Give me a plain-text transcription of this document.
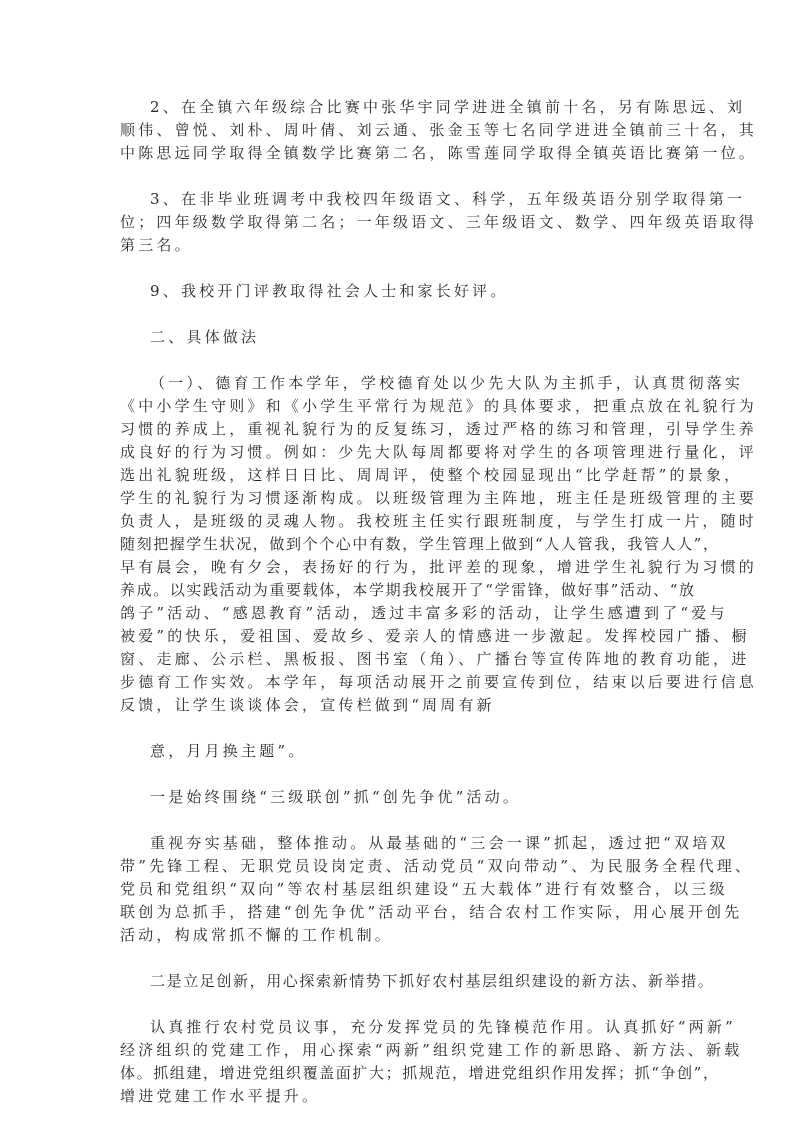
2、在全镇六年级综合比赛中张华宇同学进进全镇前十名，另有陈思远、刘
顺伟、曾悦、刘朴、周叶倩、刘云通、张金玉等七名同学进进全镇前三十名，其
中陈思远同学取得全镇数学比赛第二名，陈雪莲同学取得全镇英语比赛第一位。
3、在非毕业班调考中我校四年级语文、科学，五年级英语分别学取得第一
位；四年级数学取得第二名；一年级语文、三年级语文、数学、四年级英语取得
第三名。
9、我校开门评教取得社会人士和家长好评。
二、具体做法
（一）、德育工作本学年，学校德育处以少先大队为主抓手，认真贯彻落实
《中小学生守则》和《小学生平常行为规范》的具体要求，把重点放在礼貌行为
习惯的养成上，重视礼貌行为的反复练习，透过严格的练习和管理，引导学生养
成良好的行为习惯。例如：少先大队每周都要将对学生的各项管理进行量化，评
选出礼貌班级，这样日日比、周周评，使整个校园显现出“比学赶帮”的景象，
学生的礼貌行为习惯逐渐构成。以班级管理为主阵地，班主任是班级管理的主要
负责人，是班级的灵魂人物。我校班主任实行跟班制度，与学生打成一片，随时
随刻把握学生状况，做到个个心中有数，学生管理上做到“人人管我，我管人人”，
早有晨会，晚有夕会，表扬好的行为，批评差的现象，增进学生礼貌行为习惯的
养成。以实践活动为重要载体，本学期我校展开了“学雷锋，做好事”活动、“放
鸽子”活动、“感恩教育”活动，透过丰富多彩的活动，让学生感遭到了“爱与
被爱”的快乐，爱祖国、爱故乡、爱亲人的情感进一步激起。发挥校园广播、橱
窗、走廊、公示栏、黑板报、图书室（角）、广播台等宣传阵地的教育功能，进
步德育工作实效。本学年，每项活动展开之前要宣传到位，结束以后要进行信息
反馈，让学生谈谈体会，宣传栏做到“周周有新
意，月月换主题”。
一是始终围绕“三级联创”抓“创先争优”活动。
重视夯实基础，整体推动。从最基础的“三会一课”抓起，透过把“双培双
带”先锋工程、无职党员设岗定责、活动党员“双向带动”、为民服务全程代理、
党员和党组织“双向”等农村基层组织建设“五大载体”进行有效整合，以三级
联创为总抓手，搭建“创先争优”活动平台，结合农村工作实际，用心展开创先
活动，构成常抓不懈的工作机制。
二是立足创新，用心探索新情势下抓好农村基层组织建设的新方法、新举措。
认真推行农村党员议事，充分发挥党员的先锋模范作用。认真抓好“两新”
经济组织的党建工作，用心探索“两新”组织党建工作的新思路、新方法、新载
体。抓组建，增进党组织覆盖面扩大；抓规范，增进党组织作用发挥；抓“争创”，
增进党建工作水平提升。
